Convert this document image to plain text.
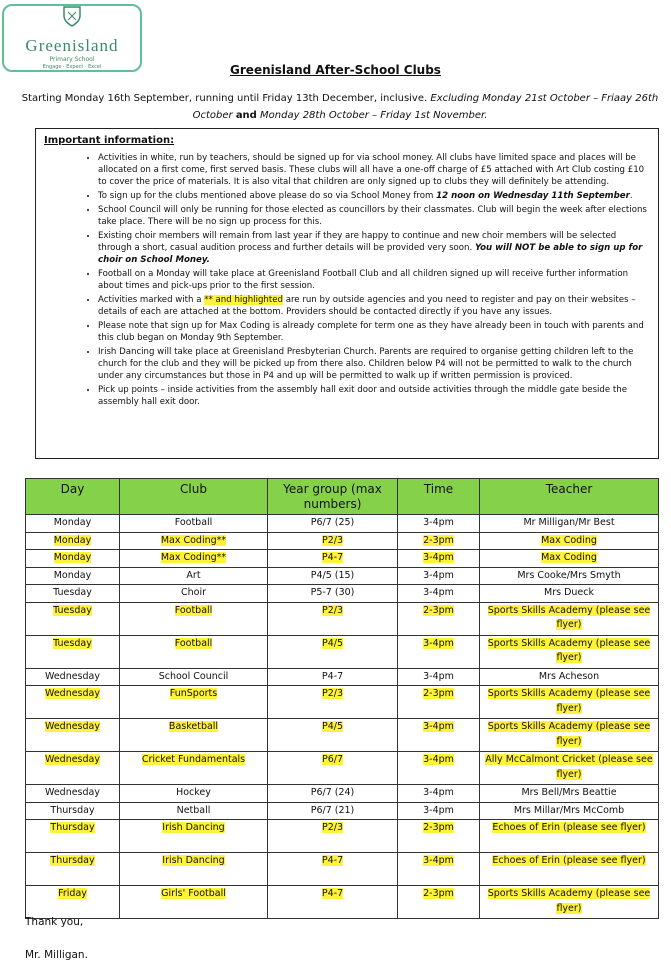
Greenisland
Primary School
Engage · Expect · Excel	Greenisland After-School Clubs
Starting Monday 16th September, running until Friday 13th December, inclusive. Excluding Monday 21st October – Friaay 26th October and Monday 28th October – Friday 1st November.
Important information:
• Activities in white, run by teachers, should be signed up for via school money. All clubs have limited space and places will be allocated on a first come, first served basis. These clubs will all have a one-off charge of £5 attached with Art Club costing £10 to cover the price of materials. It is also vital that children are only signed up to clubs they will definitely be attending.
• To sign up for the clubs mentioned above please do so via School Money from 12 noon on Wednesday 11th September.
• School Council will only be running for those elected as councillors by their classmates. Club will begin the week after elections take place. There will be no sign up process for this.
• Existing choir members will remain from last year if they are happy to continue and new choir members will be selected through a short, casual audition process and further details will be provided very soon. You will NOT be able to sign up for choir on School Money.
• Football on a Monday will take place at Greenisland Football Club and all children signed up will receive further information about times and pick-ups prior to the first session.
• Activities marked with a ** and highlighted are run by outside agencies and you need to register and pay on their websites – details of each are attached at the bottom. Providers should be contacted directly if you have any issues.
• Please note that sign up for Max Coding is already complete for term one as they have already been in touch with parents and this club began on Monday 9th September.
• Irish Dancing will take place at Greenisland Presbyterian Church. Parents are required to organise getting children left to the church for the club and they will be picked up from there also. Children below P4 will not be permitted to walk to the church under any circumstances but those in P4 and up will be permitted to walk up if written permission is proviced.
• Pick up points – inside activities from the assembly hall exit door and outside activities through the middle gate beside the assembly hall exit door.
Day	Club	Year group (max numbers)	Time	Teacher
Monday	Football	P6/7 (25)	3-4pm	Mr Milligan/Mr Best
Monday	Max Coding**	P2/3	2-3pm	Max Coding
Monday	Max Coding**	P4-7	3-4pm	Max Coding
Monday	Art	P4/5 (15)	3-4pm	Mrs Cooke/Mrs Smyth
Tuesday	Choir	P5-7 (30)	3-4pm	Mrs Dueck
Tuesday	Football	P2/3	2-3pm	Sports Skills Academy (please see flyer)
Tuesday	Football	P4/5	3-4pm	Sports Skills Academy (please see flyer)
Wednesday	School Council	P4-7	3-4pm	Mrs Acheson
Wednesday	FunSports	P2/3	2-3pm	Sports Skills Academy (please see flyer)
Wednesday	Basketball	P4/5	3-4pm	Sports Skills Academy (please see flyer)
Wednesday	Cricket Fundamentals	P6/7	3-4pm	Ally McCalmont Cricket (please see flyer)
Wednesday	Hockey	P6/7 (24)	3-4pm	Mrs Bell/Mrs Beattie
Thursday	Netball	P6/7 (21)	3-4pm	Mrs Millar/Mrs McComb
Thursday	Irish Dancing	P2/3	2-3pm	Echoes of Erin (please see flyer)
Thursday	Irish Dancing	P4-7	3-4pm	Echoes of Erin (please see flyer)
Friday	Girls' Football	P4-7	2-3pm	Sports Skills Academy (please see flyer)
Thank you,
Mr. Milligan.
